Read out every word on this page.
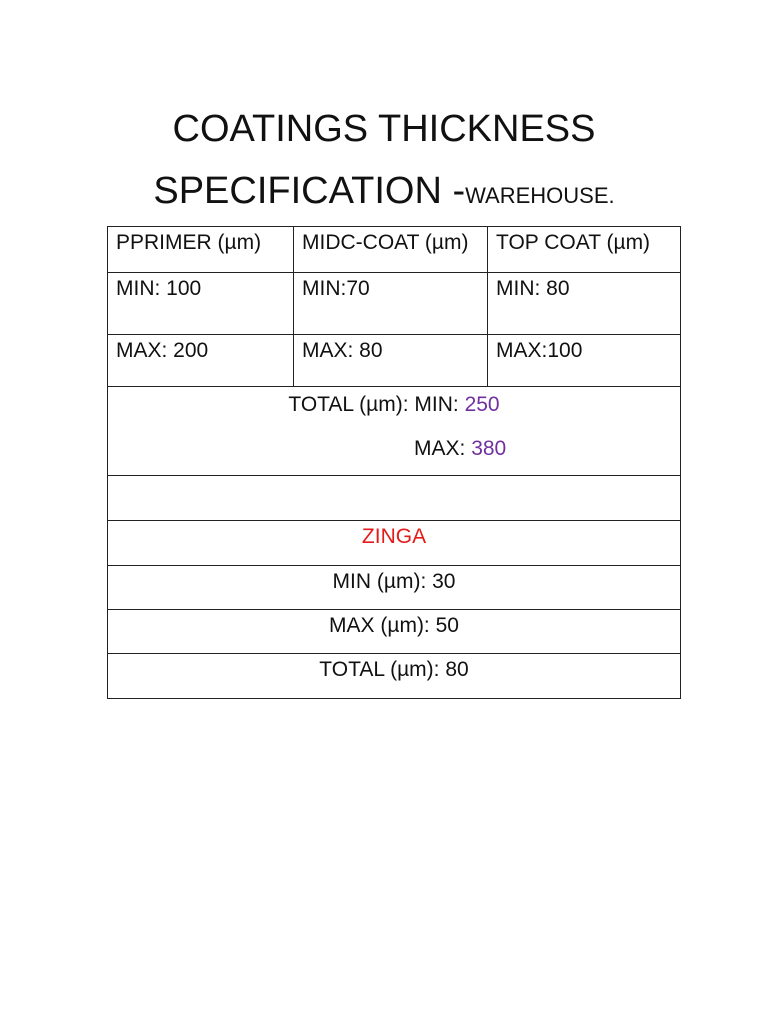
COATINGS THICKNESS
SPECIFICATION -WAREHOUSE.
PPRIMER (µm)	MIDC-COAT (µm)	TOP COAT (µm)
MIN: 100	MIN:70	MIN: 80
MAX: 200	MAX: 80	MAX:100

TOTAL (µm): MIN: 250
MAX: 380		

ZINGA		
MIN (µm): 30		
MAX (µm): 50		
TOTAL (µm): 80		
